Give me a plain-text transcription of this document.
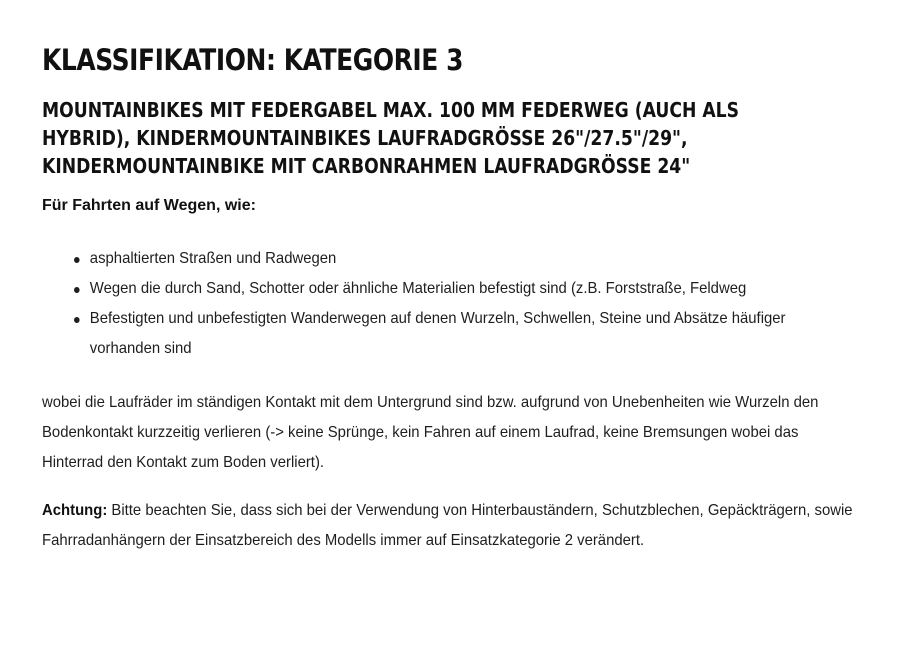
KLASSIFIKATION: KATEGORIE 3
MOUNTAINBIKES MIT FEDERGABEL MAX. 100 MM FEDERWEG (AUCH ALS HYBRID), KINDERMOUNTAINBIKES LAUFRADGRÖSSE 26"/27.5"/29", KINDERMOUNTAINBIKE MIT CARBONRAHMEN LAUFRADGRÖSSE 24"

Für Fahrten auf Wegen, wie:

asphaltierten Straßen und Radwegen
Wegen die durch Sand, Schotter oder ähnliche Materialien befestigt sind (z.B. Forststraße, Feldweg
Befestigten und unbefestigten Wanderwegen auf denen Wurzeln, Schwellen, Steine und Absätze häufiger vorhanden sind

wobei die Laufräder im ständigen Kontakt mit dem Untergrund sind bzw. aufgrund von Unebenheiten wie Wurzeln den Bodenkontakt kurzzeitig verlieren (-> keine Sprünge, kein Fahren auf einem Laufrad, keine Bremsungen wobei das Hinterrad den Kontakt zum Boden verliert).

Achtung: Bitte beachten Sie, dass sich bei der Verwendung von Hinterbauständern, Schutzblechen, Gepäckträgern, sowie Fahrradanhängern der Einsatzbereich des Modells immer auf Einsatzkategorie 2 verändert.
